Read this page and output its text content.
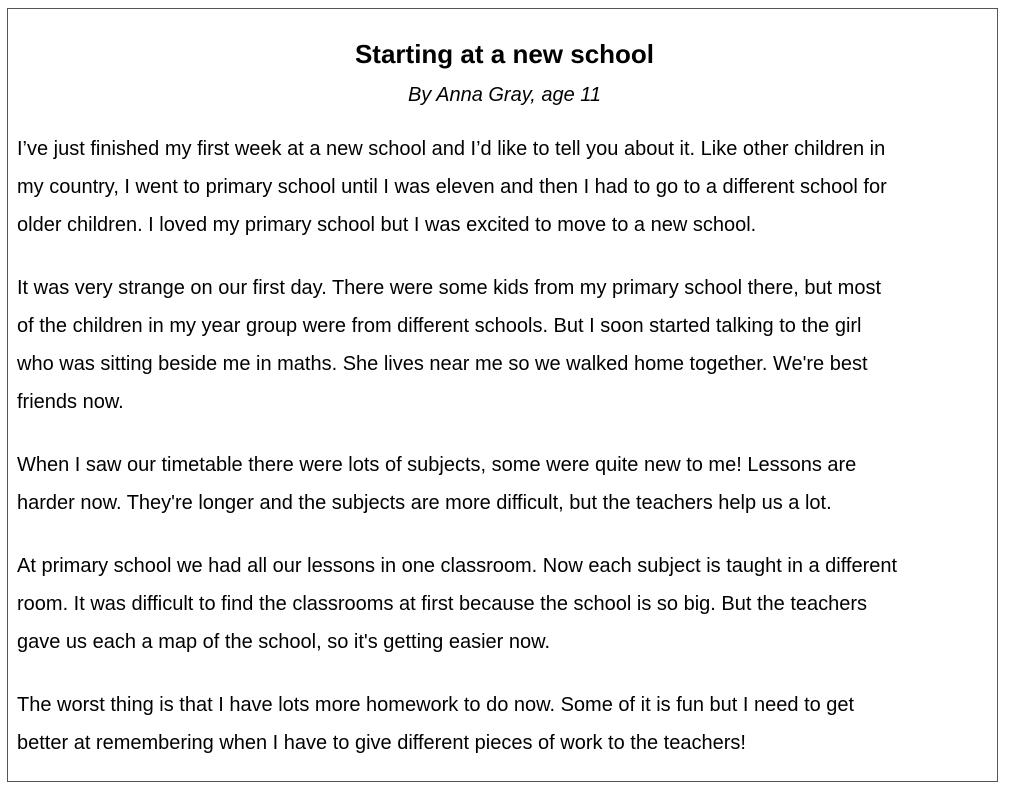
Starting at a new school

By Anna Gray, age 11

I’ve just finished my first week at a new school and I’d like to tell you about it. Like other children in
my country, I went to primary school until I was eleven and then I had to go to a different school for
older children. I loved my primary school but I was excited to move to a new school.

It was very strange on our first day. There were some kids from my primary school there, but most
of the children in my year group were from different schools. But I soon started talking to the girl
who was sitting beside me in maths. She lives near me so we walked home together. We're best
friends now.

When I saw our timetable there were lots of subjects, some were quite new to me! Lessons are
harder now. They're longer and the subjects are more difficult, but the teachers help us a lot.

At primary school we had all our lessons in one classroom. Now each subject is taught in a different
room. It was difficult to find the classrooms at first because the school is so big. But the teachers
gave us each a map of the school, so it's getting easier now.

The worst thing is that I have lots more homework to do now. Some of it is fun but I need to get
better at remembering when I have to give different pieces of work to the teachers!
